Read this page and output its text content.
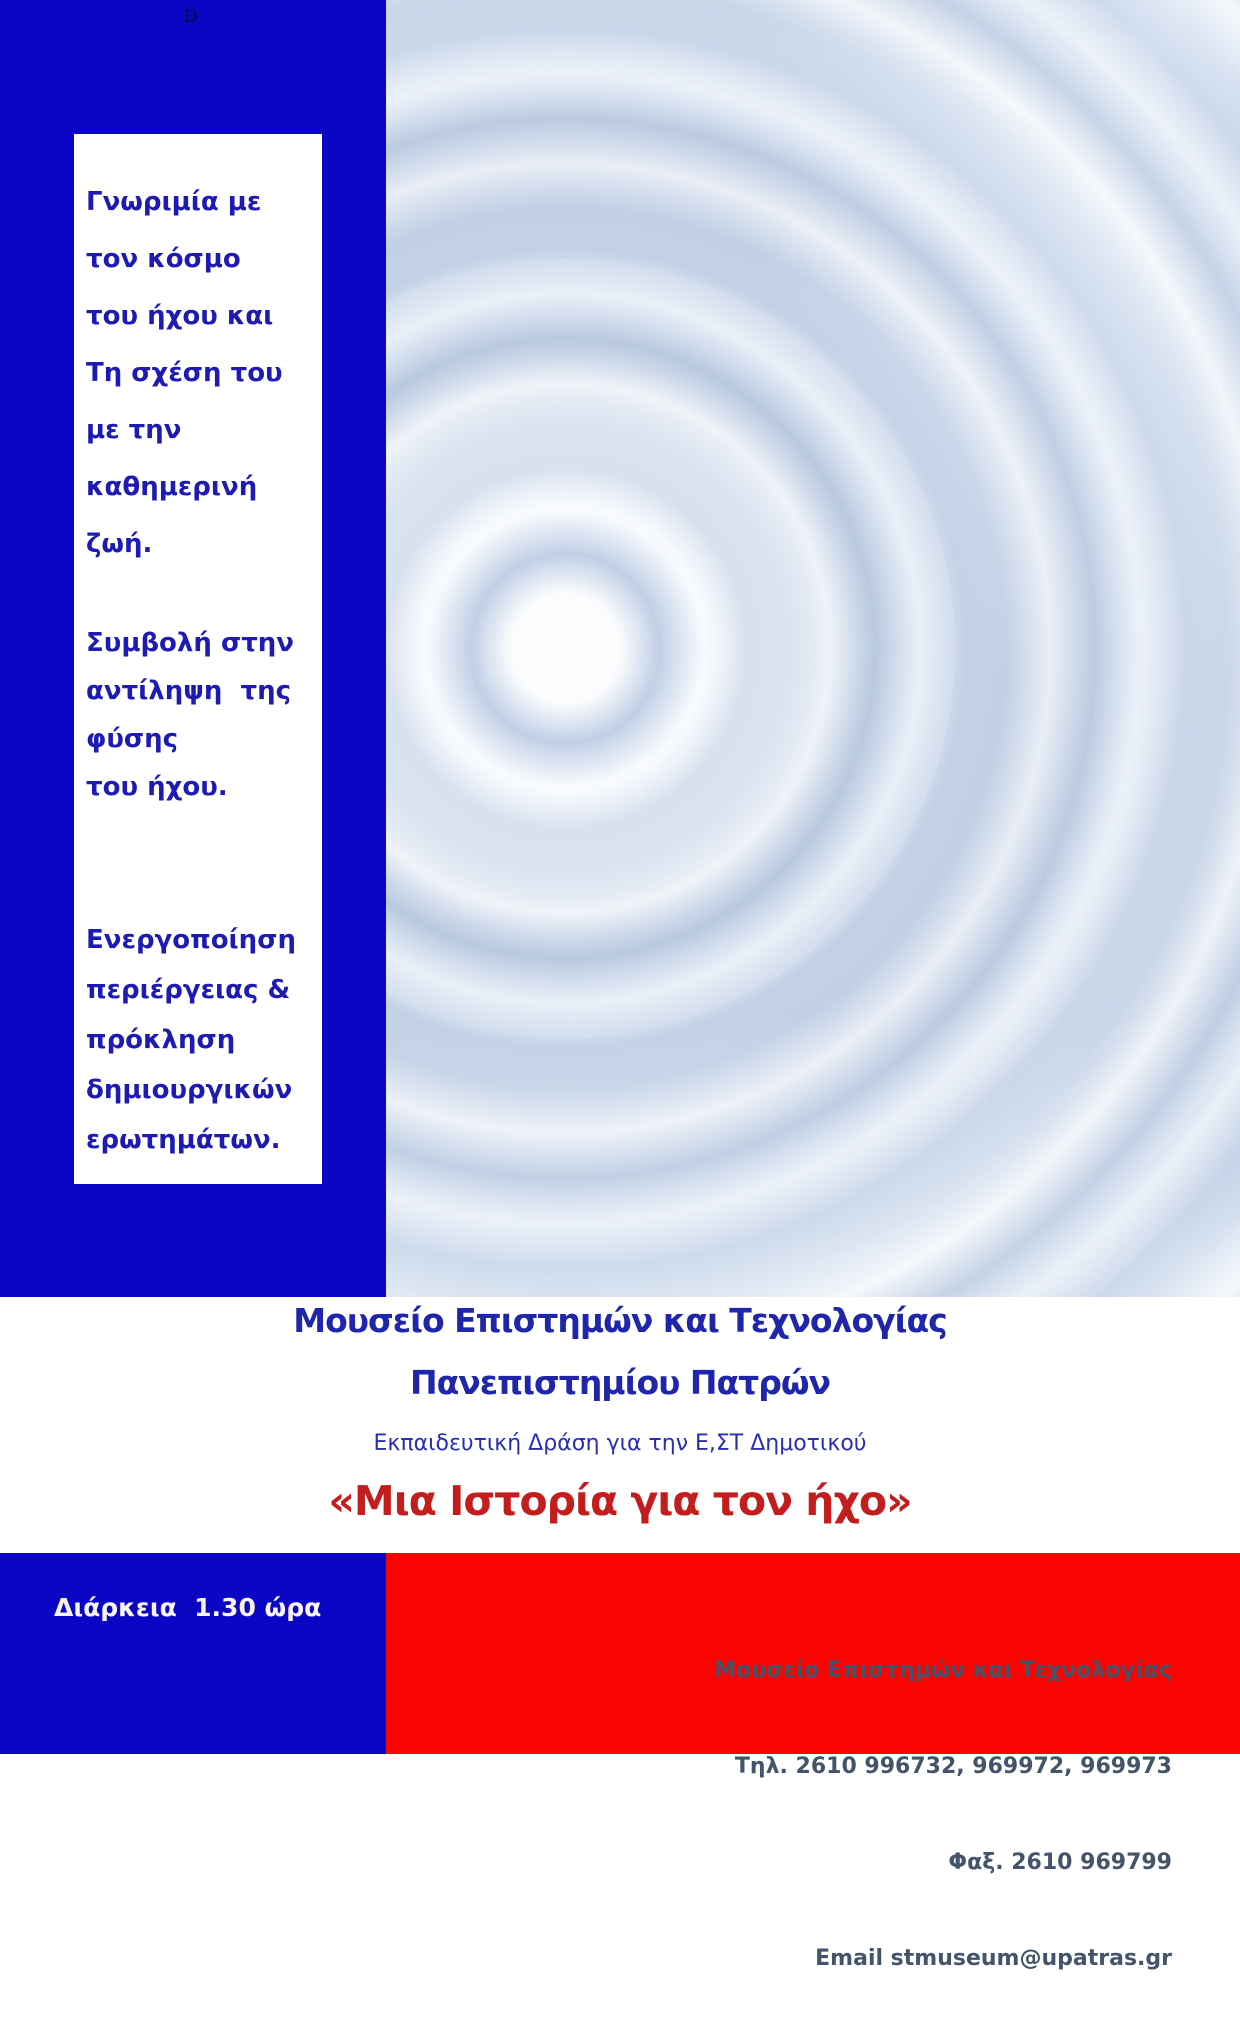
D
Γνωριμία με
τον κόσμο
του ήχου και
Τη σχέση του
με την
καθημερινή
ζωή.
Συμβολή στην
αντίληψη  της
φύσης
του ήχου.
Ενεργοποίηση
περιέργειας &
πρόκληση
δημιουργικών
ερωτημάτων.
Μουσείο Επιστημών και Τεχνολογίας
Πανεπιστημίου Πατρών
Εκπαιδευτική Δράση για την Ε,ΣΤ Δημοτικού
«Μια Ιστορία για τον ήχο»
Διάρκεια  1.30 ώρα

Μουσείο Επιστημών και Τεχνολογίας

Τηλ. 2610 996732, 969972, 969973

Φαξ. 2610 969799

Email stmuseum@upatras.gr
